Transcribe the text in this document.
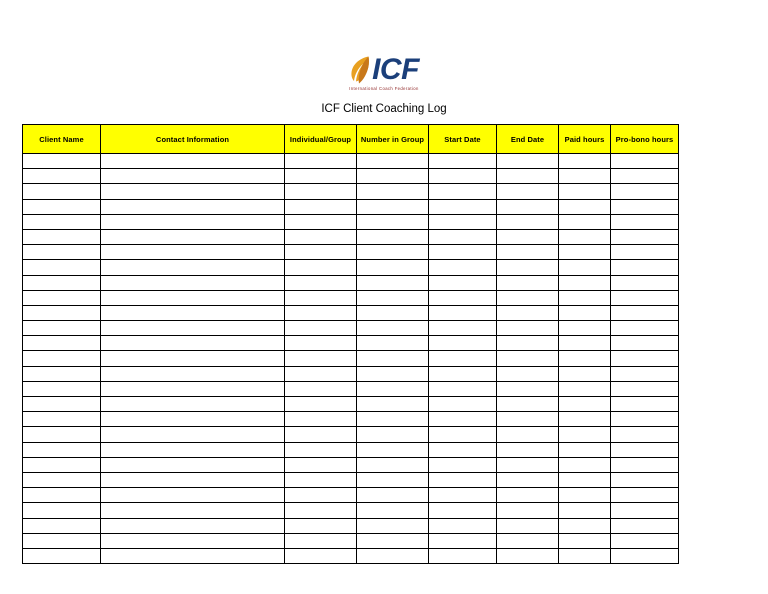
ICF
International Coach Federation
ICF Client Coaching Log
Client Name	Contact Information	Individual/Group	Number in Group	Start Date	End Date	Paid hours	Pro-bono hours
